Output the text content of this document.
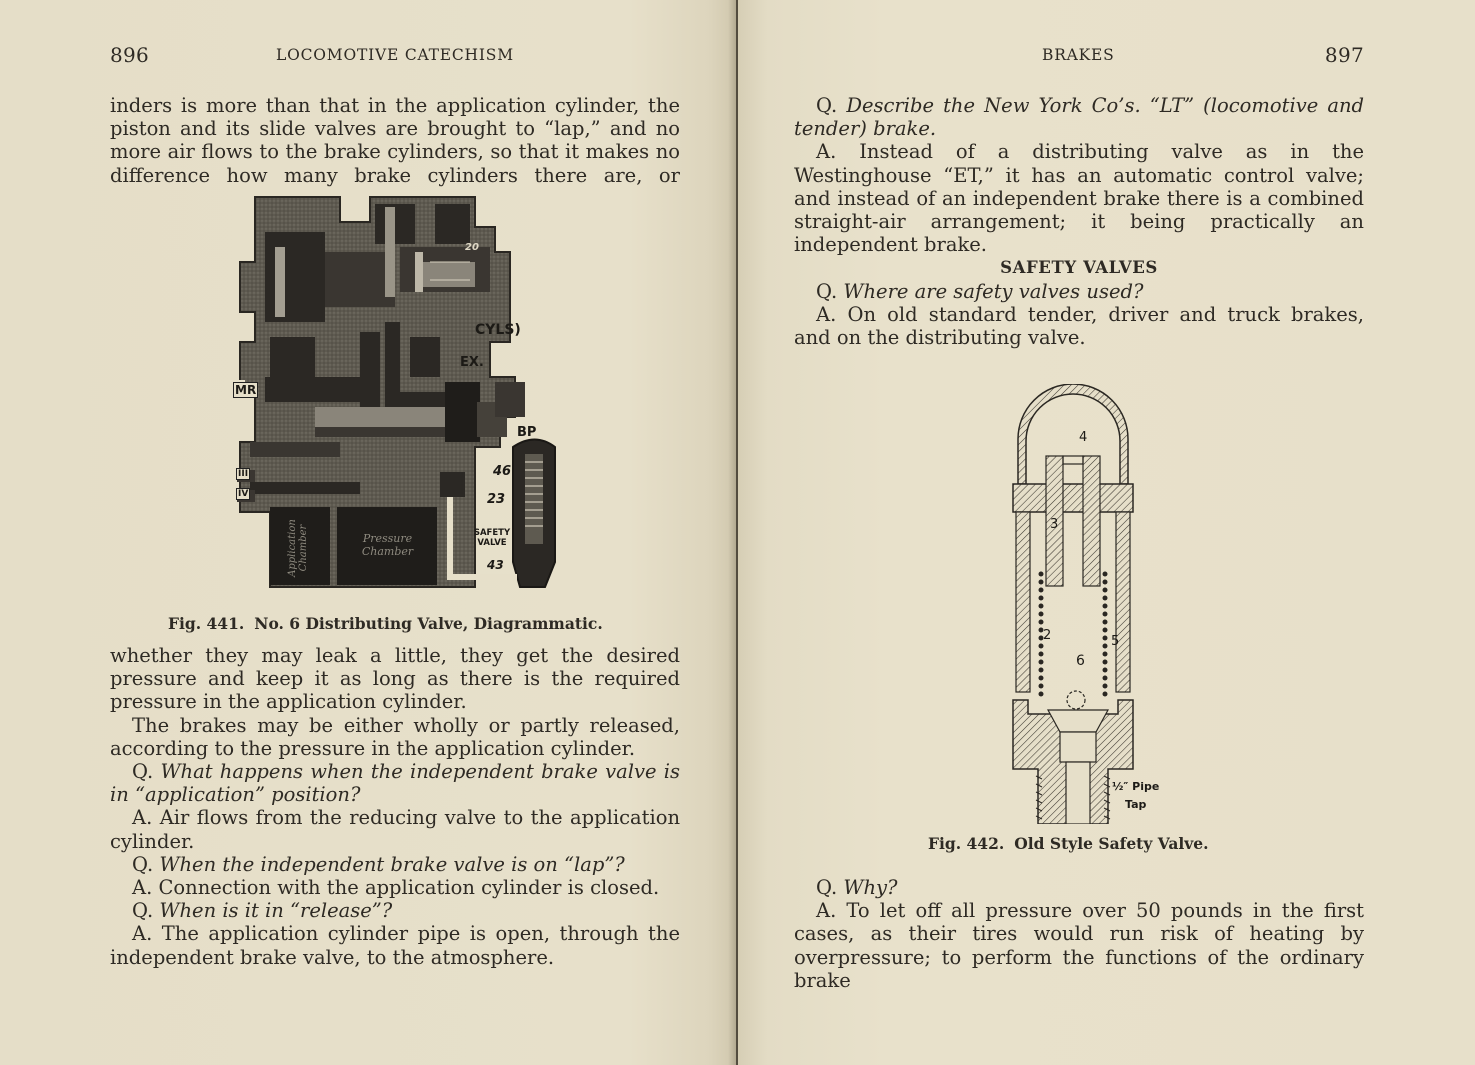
896	LOCOMOTIVE CATECHISM

inders is more than that in the application cylinder, the

piston and its slide valves are brought to “lap,” and no

more air flows to the brake cylinders, so that it makes no

difference how many brake cylinders there are, or

CYLS)
EX.
MR
BP
46
23
SAFETY VALVE
43
20
III
IV
Application Chamber	Pressure Chamber
Fig. 441. No. 6 Distributing Valve, Diagrammatic.

whether they may leak a little, they get the desired pressure and keep it as long as there is the required pressure in the application cylinder.

The brakes may be either wholly or partly released, according to the pressure in the application cylinder.

Q. What happens when the independent brake valve is in “application” position?

A. Air flows from the reducing valve to the application cylinder.

Q. When the independent brake valve is on “lap”?

A. Connection with the application cylinder is closed.

Q. When is it in “release”?

A. The application cylinder pipe is open, through the independent brake valve, to the atmosphere.

BRAKES	897

Q. Describe the New York Co’s. “LT” (locomotive and tender) brake.

A. Instead of a distributing valve as in the Westinghouse “ET,” it has an automatic control valve; and instead of an independent brake there is a combined straight-air arrangement; it being practically an independent brake.

SAFETY VALVES

Q. Where are safety valves used?

A. On old standard tender, driver and truck brakes, and on the distributing valve.

4
3
2
6
5
½″ Pipe
Tap
Fig. 442. Old Style Safety Valve.

Q. Why?

A. To let off all pressure over 50 pounds in the first cases, as their tires would run risk of heating by overpressure; to perform the functions of the ordinary brake
